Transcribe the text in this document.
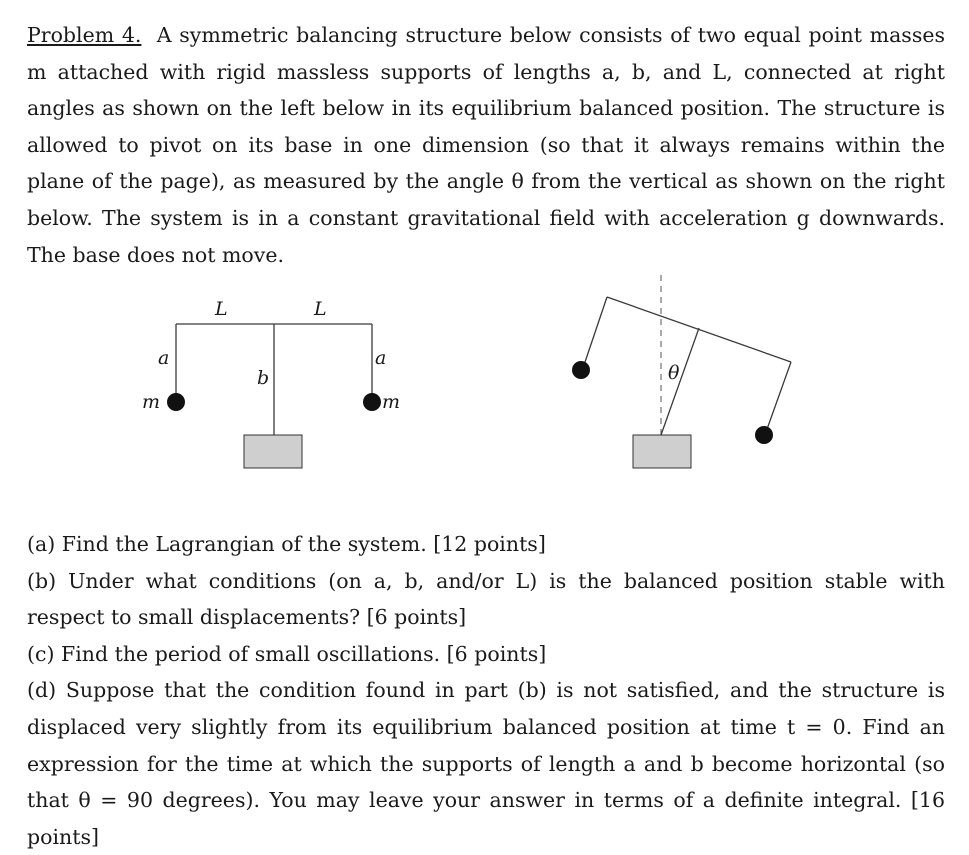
Problem 4. A symmetric balancing structure below consists of two equal point masses m attached with rigid massless supports of lengths a, b, and L, connected at right angles as shown on the left below in its equilibrium balanced position. The structure is allowed to pivot on its base in one dimension (so that it always remains within the plane of the page), as measured by the angle θ from the vertical as shown on the right below. The system is in a constant gravitational field with acceleration g downwards. The base does not move.

L	L
a	a
b
m	m
θ
(a) Find the Lagrangian of the system. [12 points]
(b) Under what conditions (on a, b, and/or L) is the balanced position stable with respect to small displacements? [6 points]
(c) Find the period of small oscillations. [6 points]
(d) Suppose that the condition found in part (b) is not satisfied, and the structure is displaced very slightly from its equilibrium balanced position at time t = 0. Find an expression for the time at which the supports of length a and b become horizontal (so that θ = 90 degrees). You may leave your answer in terms of a definite integral. [16 points]
